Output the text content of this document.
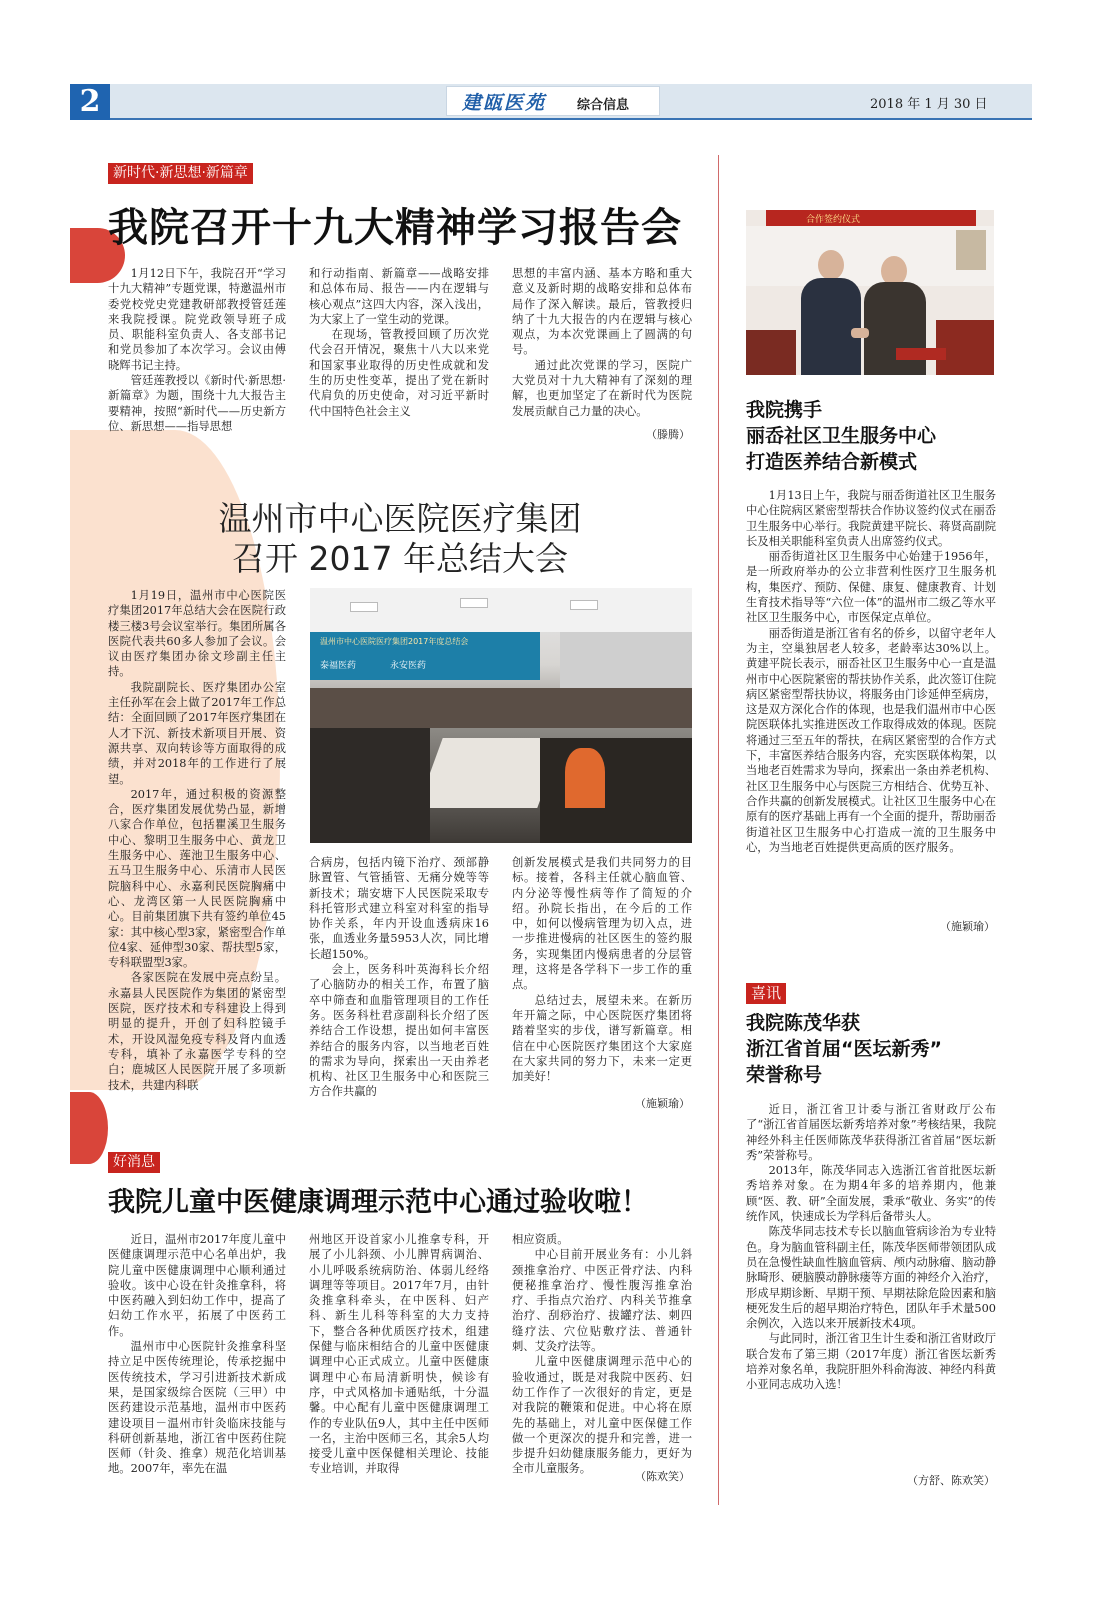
2	建瓯医苑 综合信息	2018 年 1 月 30 日
新时代·新思想·新篇章
我院召开十九大精神学习报告会

1月12日下午，我院召开“学习十九大精神”专题党课，特邀温州市委党校党史党建教研部教授管廷莲来我院授课。院党政领导班子成员、职能科室负责人、各支部书记和党员参加了本次学习。会议由傅晓辉书记主持。

管廷莲教授以《新时代·新思想·新篇章》为题，围绕十九大报告主要精神，按照“新时代——历史新方位、新思想——指导思想

和行动指南、新篇章——战略安排和总体布局、报告——内在逻辑与核心观点”这四大内容，深入浅出，为大家上了一堂生动的党课。

在现场，管教授回顾了历次党代会召开情况，聚焦十八大以来党和国家事业取得的历史性成就和发生的历史性变革，提出了党在新时代肩负的历史使命，对习近平新时代中国特色社会主义

思想的丰富内涵、基本方略和重大意义及新时期的战略安排和总体布局作了深入解读。最后，管教授归纳了十九大报告的内在逻辑与核心观点，为本次党课画上了圆满的句号。

通过此次党课的学习，医院广大党员对十九大精神有了深刻的理解，也更加坚定了在新时代为医院发展贡献自己力量的决心。

（滕腾）
温州市中心医院医疗集团
召开 2017 年总结大会

1月19日，温州市中心医院医疗集团2017年总结大会在医院行政楼三楼3号会议室举行。集团所属各医院代表共60多人参加了会议。会议由医疗集团办徐文珍副主任主持。

我院副院长、医疗集团办公室主任孙军在会上做了2017年工作总结：全面回顾了2017年医疗集团在人才下沉、新技术新项目开展、资源共享、双向转诊等方面取得的成绩，并对2018年的工作进行了展望。

2017年，通过积极的资源整合，医疗集团发展优势凸显，新增八家合作单位，包括瞿溪卫生服务中心、黎明卫生服务中心、黄龙卫生服务中心、莲池卫生服务中心、五马卫生服务中心、乐清市人民医院脑科中心、永嘉利民医院胸痛中心、龙湾区第一人民医院胸痛中心。目前集团旗下共有签约单位45家：其中核心型3家，紧密型合作单位4家、延伸型30家、帮扶型5家，专科联盟型3家。

各家医院在发展中亮点纷呈。永嘉县人民医院作为集团的紧密型医院，医疗技术和专科建设上得到明显的提升，开创了妇科腔镜手术，开设风湿免疫专科及肾内血透专科，填补了永嘉医学专科的空白；鹿城区人民医院开展了多项新技术，共建内科联

温州市中心医院医疗集团2017年度总结会
泰福医药	永安医药

合病房，包括内镜下治疗、颈部静脉置管、气管插管、无痛分娩等等新技术；瑞安塘下人民医院采取专科托管形式建立科室对科室的指导协作关系，年内开设血透病床16张，血透业务量5953人次，同比增长超150%。

会上，医务科叶英海科长介绍了心脑防办的相关工作，布置了脑卒中筛查和血脂管理项目的工作任务。医务科杜君彦副科长介绍了医养结合工作设想，提出如何丰富医养结合的服务内容，以当地老百姓的需求为导向，探索出一天由养老机构、社区卫生服务中心和医院三方合作共赢的

创新发展模式是我们共同努力的目标。接着，各科主任就心脑血管、内分泌等慢性病等作了简短的介绍。孙院长指出，在今后的工作中，如何以慢病管理为切入点，进一步推进慢病的社区医生的签约服务，实现集团内慢病患者的分层管理，这将是各学科下一步工作的重点。

总结过去，展望未来。在新历年开篇之际，中心医院医疗集团将踏着坚实的步伐，谱写新篇章。相信在中心医院医疗集团这个大家庭在大家共同的努力下，未来一定更加美好！

（施颖瑜）
好消息
我院儿童中医健康调理示范中心通过验收啦！

近日，温州市2017年度儿童中医健康调理示范中心名单出炉，我院儿童中医健康调理中心顺利通过验收。该中心设在针灸推拿科，将中医药融入到妇幼工作中，提高了妇幼工作水平，拓展了中医药工作。

温州市中心医院针灸推拿科坚持立足中医传统理论，传承挖掘中医传统技术，学习引进新技术新成果，是国家级综合医院（三甲）中医药建设示范基地，温州市中医药建设项目－温州市针灸临床技能与科研创新基地，浙江省中医药住院医师（针灸、推拿）规范化培训基地。2007年，率先在温

州地区开设首家小儿推拿专科，开展了小儿斜颈、小儿脾胃病调治、小儿呼吸系统病防治、体弱儿经络调理等等项目。2017年7月，由针灸推拿科牵头，在中医科、妇产科、新生儿科等科室的大力支持下，整合各种优质医疗技术，组建保健与临床相结合的儿童中医健康调理中心正式成立。儿童中医健康调理中心布局清新明快，候诊有序，中式风格加卡通贴纸，十分温馨。中心配有儿童中医健康调理工作的专业队伍9人，其中主任中医师一名，主治中医师三名，其余5人均接受儿童中医保健相关理论、技能专业培训，并取得

相应资质。

中心目前开展业务有：小儿斜颈推拿治疗、中医正骨疗法、内科便秘推拿治疗、慢性腹泻推拿治疗、手指点穴治疗、内科关节推拿治疗、刮痧治疗、拔罐疗法、刺四缝疗法、穴位贴敷疗法、普通针刺、艾灸疗法等。

儿童中医健康调理示范中心的验收通过，既是对我院中医药、妇幼工作作了一次很好的肯定，更是对我院的鞭策和促进。中心将在原先的基础上，对儿童中医保健工作做一个更深次的提升和完善，进一步提升妇幼健康服务能力，更好为全市儿童服务。

（陈欢笑）
合作签约仪式
我院携手
丽岙社区卫生服务中心
打造医养结合新模式

1月13日上午，我院与丽岙街道社区卫生服务中心住院病区紧密型帮扶合作协议签约仪式在丽岙卫生服务中心举行。我院黄建平院长、蒋贤高副院长及相关职能科室负责人出席签约仪式。

丽岙街道社区卫生服务中心始建于1956年，是一所政府举办的公立非营利性医疗卫生服务机构，集医疗、预防、保健、康复、健康教育、计划生育技术指导等“六位一体”的温州市二级乙等水平社区卫生服务中心，市医保定点单位。

丽岙街道是浙江省有名的侨乡，以留守老年人为主，空巢独居老人较多，老龄率达30%以上。黄建平院长表示，丽岙社区卫生服务中心一直是温州市中心医院紧密的帮扶协作关系，此次签订住院病区紧密型帮扶协议，将服务由门诊延伸至病房，这是双方深化合作的体现，也是我们温州市中心医院医联体扎实推进医改工作取得成效的体现。医院将通过三至五年的帮扶，在病区紧密型的合作方式下，丰富医养结合服务内容，充实医联体构架，以当地老百姓需求为导向，探索出一条由养老机构、社区卫生服务中心与医院三方相结合、优势互补、合作共赢的创新发展模式。让社区卫生服务中心在原有的医疗基础上再有一个全面的提升，帮助丽岙街道社区卫生服务中心打造成一流的卫生服务中心，为当地老百姓提供更高质的医疗服务。

（施颖瑜）
喜讯
我院陈茂华获
浙江省首届“医坛新秀”
荣誉称号

近日，浙江省卫计委与浙江省财政厅公布了“浙江省首届医坛新秀培养对象”考核结果，我院神经外科主任医师陈茂华获得浙江省首届“医坛新秀”荣誉称号。

2013年，陈茂华同志入选浙江省首批医坛新秀培养对象。在为期4年多的培养期内，他兼顾“医、教、研”全面发展，秉承“敬业、务实”的传统作风，快速成长为学科后备带头人。

陈茂华同志技术专长以脑血管病诊治为专业特色。身为脑血管科副主任，陈茂华医师带领团队成员在急慢性缺血性脑血管病、颅内动脉瘤、脑动静脉畸形、硬脑膜动静脉瘘等方面的神经介入治疗，形成早期诊断、早期干预、早期祛除危险因素和脑梗死发生后的超早期治疗特色，团队年手术量500余例次，入选以来开展新技术4项。

与此同时，浙江省卫生计生委和浙江省财政厅联合发布了第三期（2017年度）浙江省医坛新秀培养对象名单，我院肝胆外科俞海波、神经内科黄小亚同志成功入选！

（方舒、陈欢笑）
